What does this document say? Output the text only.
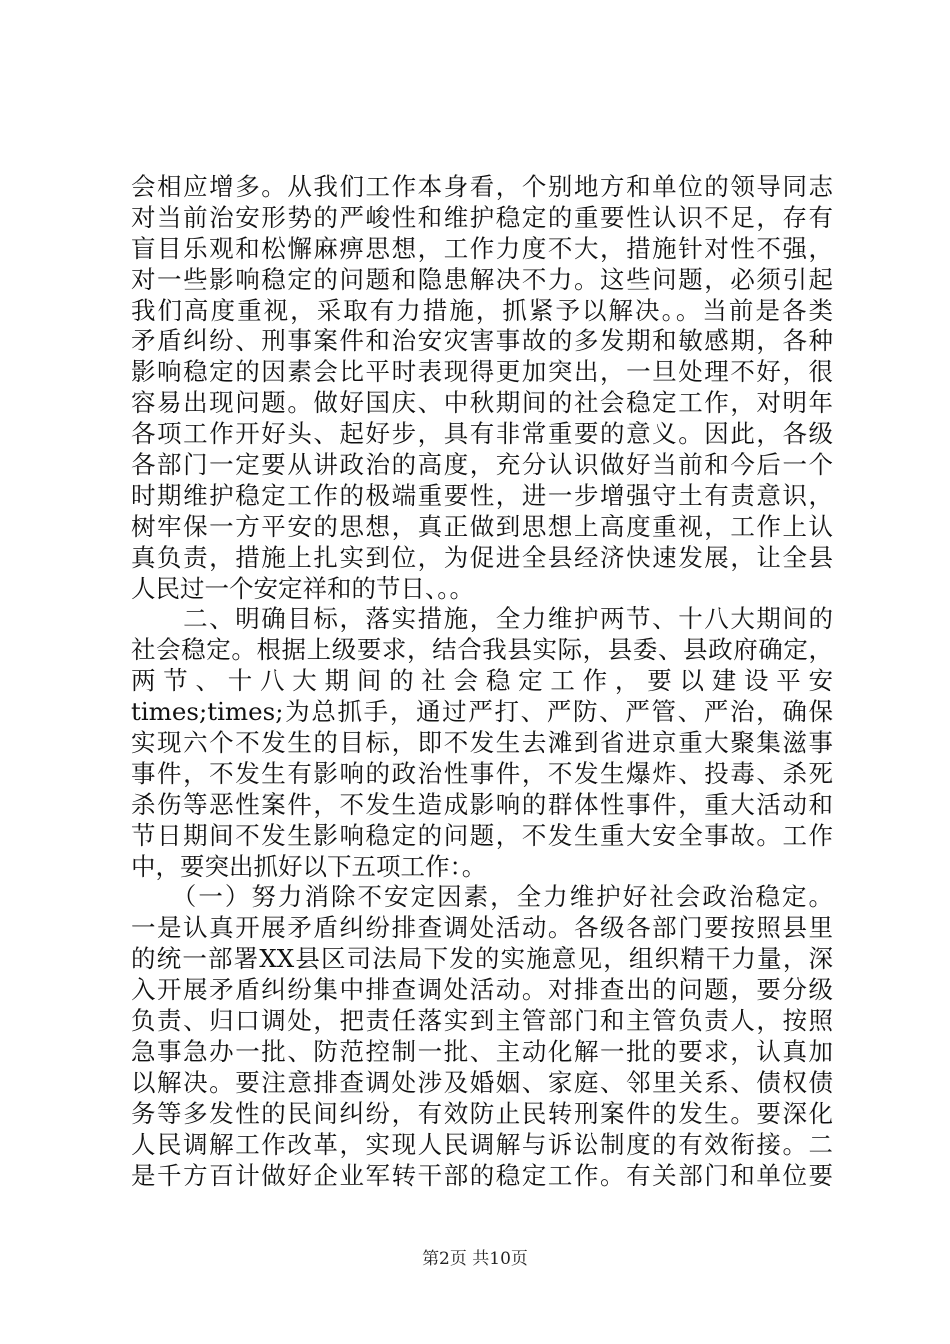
会相应增多。从我们工作本身看，个别地方和单位的领导同志
对当前治安形势的严峻性和维护稳定的重要性认识不足，存有
盲目乐观和松懈麻痹思想，工作力度不大，措施针对性不强，
对一些影响稳定的问题和隐患解决不力。这些问题，必须引起
我们高度重视，采取有力措施，抓紧予以解决。。当前是各类
矛盾纠纷、刑事案件和治安灾害事故的多发期和敏感期，各种
影响稳定的因素会比平时表现得更加突出，一旦处理不好，很
容易出现问题。做好国庆、中秋期间的社会稳定工作，对明年
各项工作开好头、起好步，具有非常重要的意义。因此，各级
各部门一定要从讲政治的高度，充分认识做好当前和今后一个
时期维护稳定工作的极端重要性，进一步增强守土有责意识，
树牢保一方平安的思想，真正做到思想上高度重视，工作上认
真负责，措施上扎实到位，为促进全县经济快速发展，让全县
人民过一个安定祥和的节日、。。
　　二、明确目标，落实措施，全力维护两节、十八大期间的
社会稳定。根据上级要求，结合我县实际，县委、县政府确定，
两节、十八大期间的社会稳定工作，要以建设平安
times;times;为总抓手，通过严打、严防、严管、严治，确保
实现六个不发生的目标，即不发生去滩到省进京重大聚集滋事
事件，不发生有影响的政治性事件，不发生爆炸、投毒、杀死
杀伤等恶性案件，不发生造成影响的群体性事件，重大活动和
节日期间不发生影响稳定的问题，不发生重大安全事故。工作
中，要突出抓好以下五项工作：。
　　（一）努力消除不安定因素，全力维护好社会政治稳定。
一是认真开展矛盾纠纷排查调处活动。各级各部门要按照县里
的统一部署XX县区司法局下发的实施意见，组织精干力量，深
入开展矛盾纠纷集中排查调处活动。对排查出的问题，要分级
负责、归口调处，把责任落实到主管部门和主管负责人，按照
急事急办一批、防范控制一批、主动化解一批的要求，认真加
以解决。要注意排查调处涉及婚姻、家庭、邻里关系、债权债
务等多发性的民间纠纷，有效防止民转刑案件的发生。要深化
人民调解工作改革，实现人民调解与诉讼制度的有效衔接。二
是千方百计做好企业军转干部的稳定工作。有关部门和单位要
第2页 共10页
